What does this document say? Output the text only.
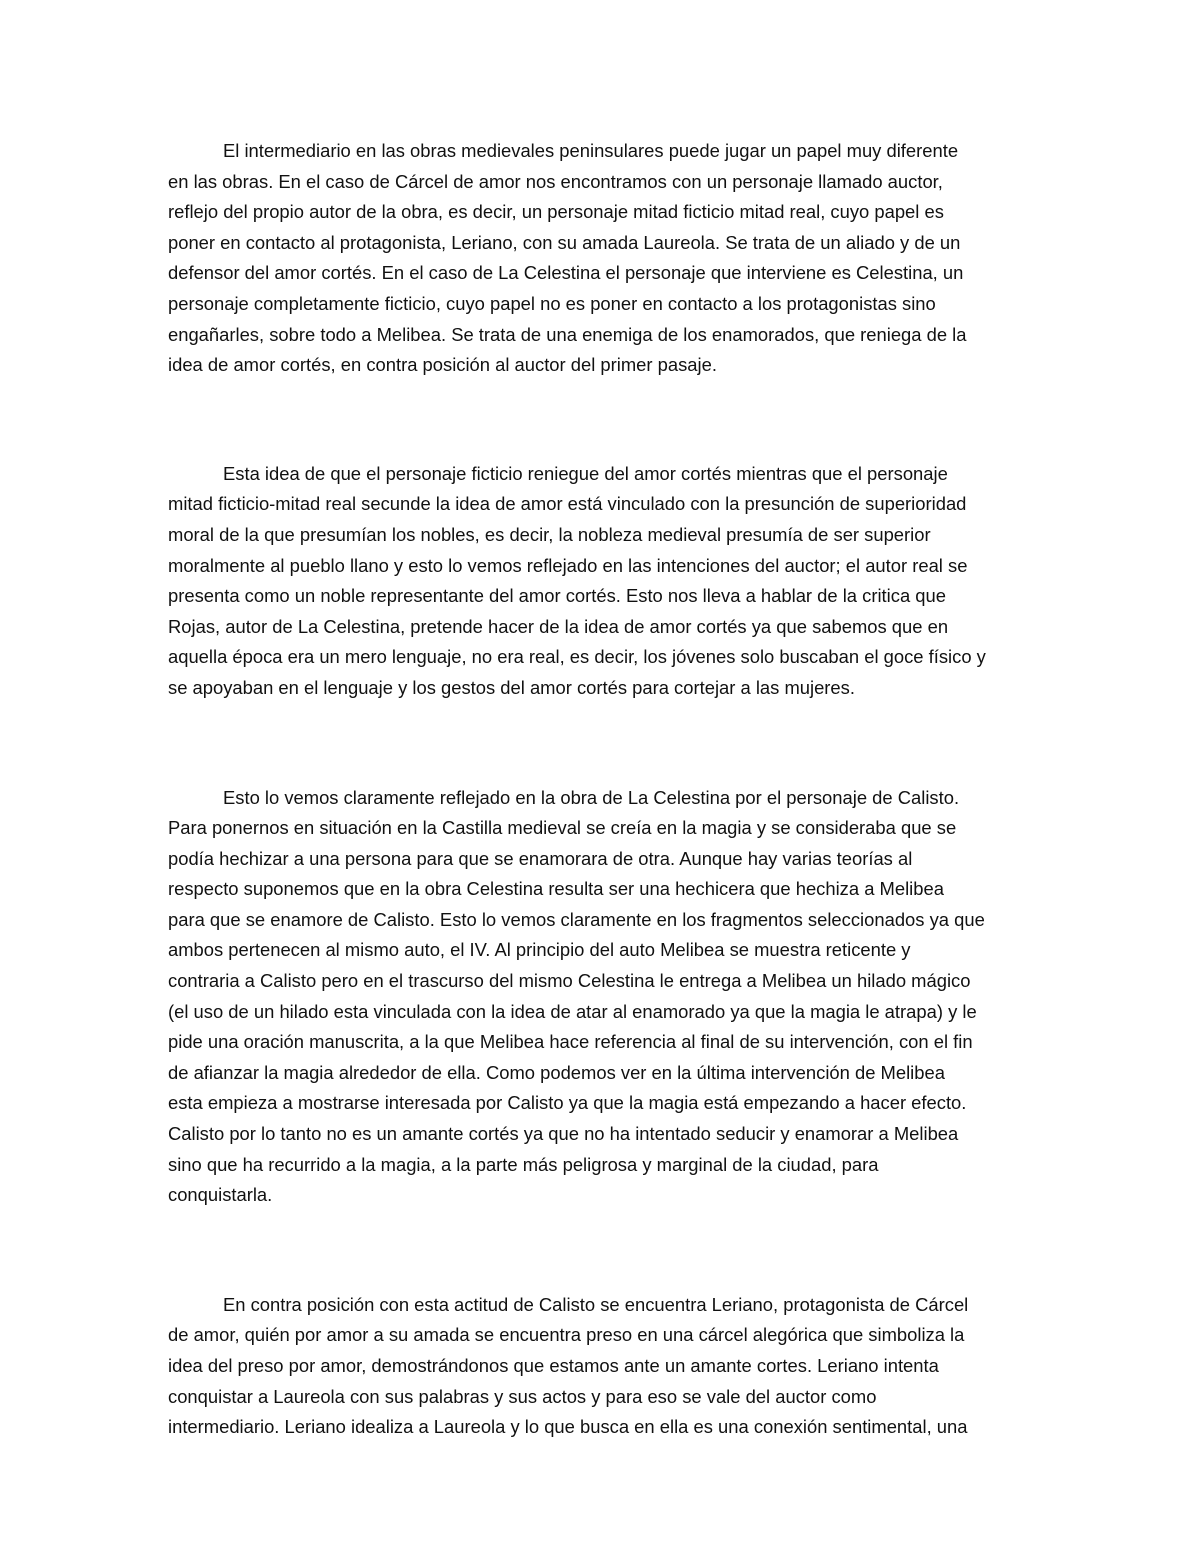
El intermediario en las obras medievales peninsulares puede jugar un papel muy diferente
en las obras. En el caso de Cárcel de amor nos encontramos con un personaje llamado auctor,
reflejo del propio autor de la obra, es decir, un personaje mitad ficticio mitad real, cuyo papel es
poner en contacto al protagonista, Leriano, con su amada Laureola. Se trata de un aliado y de un
defensor del amor cortés. En el caso de La Celestina el personaje que interviene es Celestina, un
personaje completamente ficticio, cuyo papel no es poner en contacto a los protagonistas sino
engañarles, sobre todo a Melibea. Se trata de una enemiga de los enamorados, que reniega de la
idea de amor cortés, en contra posición al auctor del primer pasaje.

Esta idea de que el personaje ficticio reniegue del amor cortés mientras que el personaje
mitad ficticio-mitad real secunde la idea de amor está vinculado con la presunción de superioridad
moral de la que presumían los nobles, es decir, la nobleza medieval presumía de ser superior
moralmente al pueblo llano y esto lo vemos reflejado en las intenciones del auctor; el autor real se
presenta como un noble representante del amor cortés. Esto nos lleva a hablar de la critica que
Rojas, autor de La Celestina, pretende hacer de la idea de amor cortés ya que sabemos que en
aquella época era un mero lenguaje, no era real, es decir, los jóvenes solo buscaban el goce físico y
se apoyaban en el lenguaje y los gestos del amor cortés para cortejar a las mujeres.

Esto lo vemos claramente reflejado en la obra de La Celestina por el personaje de Calisto.
Para ponernos en situación en la Castilla medieval se creía en la magia y se consideraba que se
podía hechizar a una persona para que se enamorara de otra. Aunque hay varias teorías al
respecto suponemos que en la obra Celestina resulta ser una hechicera que hechiza a Melibea
para que se enamore de Calisto. Esto lo vemos claramente en los fragmentos seleccionados ya que
ambos pertenecen al mismo auto, el IV. Al principio del auto Melibea se muestra reticente y
contraria a Calisto pero en el trascurso del mismo Celestina le entrega a Melibea un hilado mágico
(el uso de un hilado esta vinculada con la idea de atar al enamorado ya que la magia le atrapa) y le
pide una oración manuscrita, a la que Melibea hace referencia al final de su intervención, con el fin
de afianzar la magia alrededor de ella. Como podemos ver en la última intervención de Melibea
esta empieza a mostrarse interesada por Calisto ya que la magia está empezando a hacer efecto.
Calisto por lo tanto no es un amante cortés ya que no ha intentado seducir y enamorar a Melibea
sino que ha recurrido a la magia, a la parte más peligrosa y marginal de la ciudad, para
conquistarla.

En contra posición con esta actitud de Calisto se encuentra Leriano, protagonista de Cárcel
de amor, quién por amor a su amada se encuentra preso en una cárcel alegórica que simboliza la
idea del preso por amor, demostrándonos que estamos ante un amante cortes. Leriano intenta
conquistar a Laureola con sus palabras y sus actos y para eso se vale del auctor como
intermediario. Leriano idealiza a Laureola y lo que busca en ella es una conexión sentimental, una
